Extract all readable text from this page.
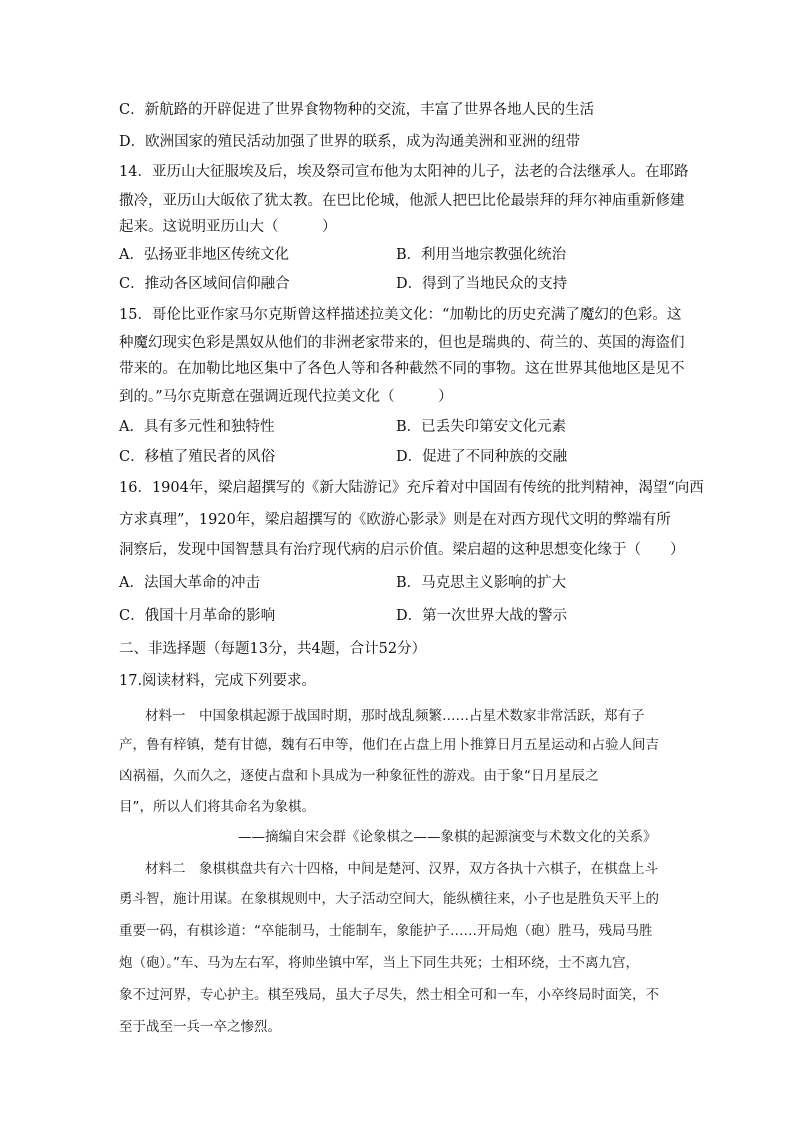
C．新航路的开辟促进了世界食物物种的交流，丰富了世界各地人民的生活
D．欧洲国家的殖民活动加强了世界的联系，成为沟通美洲和亚洲的纽带
14．亚历山大征服埃及后，埃及祭司宣布他为太阳神的儿子，法老的合法继承人。在耶路
撒冷，亚历山大皈依了犹太教。在巴比伦城，他派人把巴比伦最崇拜的拜尔神庙重新修建
起来。这说明亚历山大（　　　）
A．弘扬亚非地区传统文化	B．利用当地宗教强化统治
C．推动各区域间信仰融合	D．得到了当地民众的支持
15．哥伦比亚作家马尔克斯曾这样描述拉美文化：“加勒比的历史充满了魔幻的色彩。这
种魔幻现实色彩是黑奴从他们的非洲老家带来的，但也是瑞典的、荷兰的、英国的海盗们
带来的。在加勒比地区集中了各色人等和各种截然不同的事物。这在世界其他地区是见不
到的。”马尔克斯意在强调近现代拉美文化（　　　）
A．具有多元性和独特性	B．已丢失印第安文化元素
C．移植了殖民者的风俗	D．促进了不同种族的交融
16．1904年，梁启超撰写的《新大陆游记》充斥着对中国固有传统的批判精神，渴望“向西
方求真理”，1920年，梁启超撰写的《欧游心影录》则是在对西方现代文明的弊端有所
洞察后，发现中国智慧具有治疗现代病的启示价值。梁启超的这种思想变化缘于（　　）
A．法国大革命的冲击	B．马克思主义影响的扩大
C．俄国十月革命的影响	D．第一次世界大战的警示
二、非选择题（每题13分，共4题，合计52分）
17.阅读材料，完成下列要求。
材料一　中国象棋起源于战国时期，那时战乱频繁……占星术数家非常活跃，郑有子
产，鲁有梓镇，楚有甘德，魏有石申等，他们在占盘上用卜推算日月五星运动和占验人间吉
凶祸福，久而久之，逐使占盘和卜具成为一种象征性的游戏。由于象“日月星辰之
目”，所以人们将其命名为象棋。
——摘编自宋会群《论象棋之——象棋的起源演变与术数文化的关系》
材料二　象棋棋盘共有六十四格，中间是楚河、汉界，双方各执十六棋子，在棋盘上斗
勇斗智，施计用谋。在象棋规则中，大子活动空间大，能纵横往来，小子也是胜负天平上的
重要一码，有棋诊道：“卒能制马，士能制车，象能护子……开局炮（砲）胜马，残局马胜
炮（砲）。”车、马为左右军，将帅坐镇中军，当上下同生共死；士相环绕，士不离九宫，
象不过河界，专心护主。棋至残局，虽大子尽失，然士相全可和一车，小卒终局时面笑，不
至于战至一兵一卒之惨烈。
